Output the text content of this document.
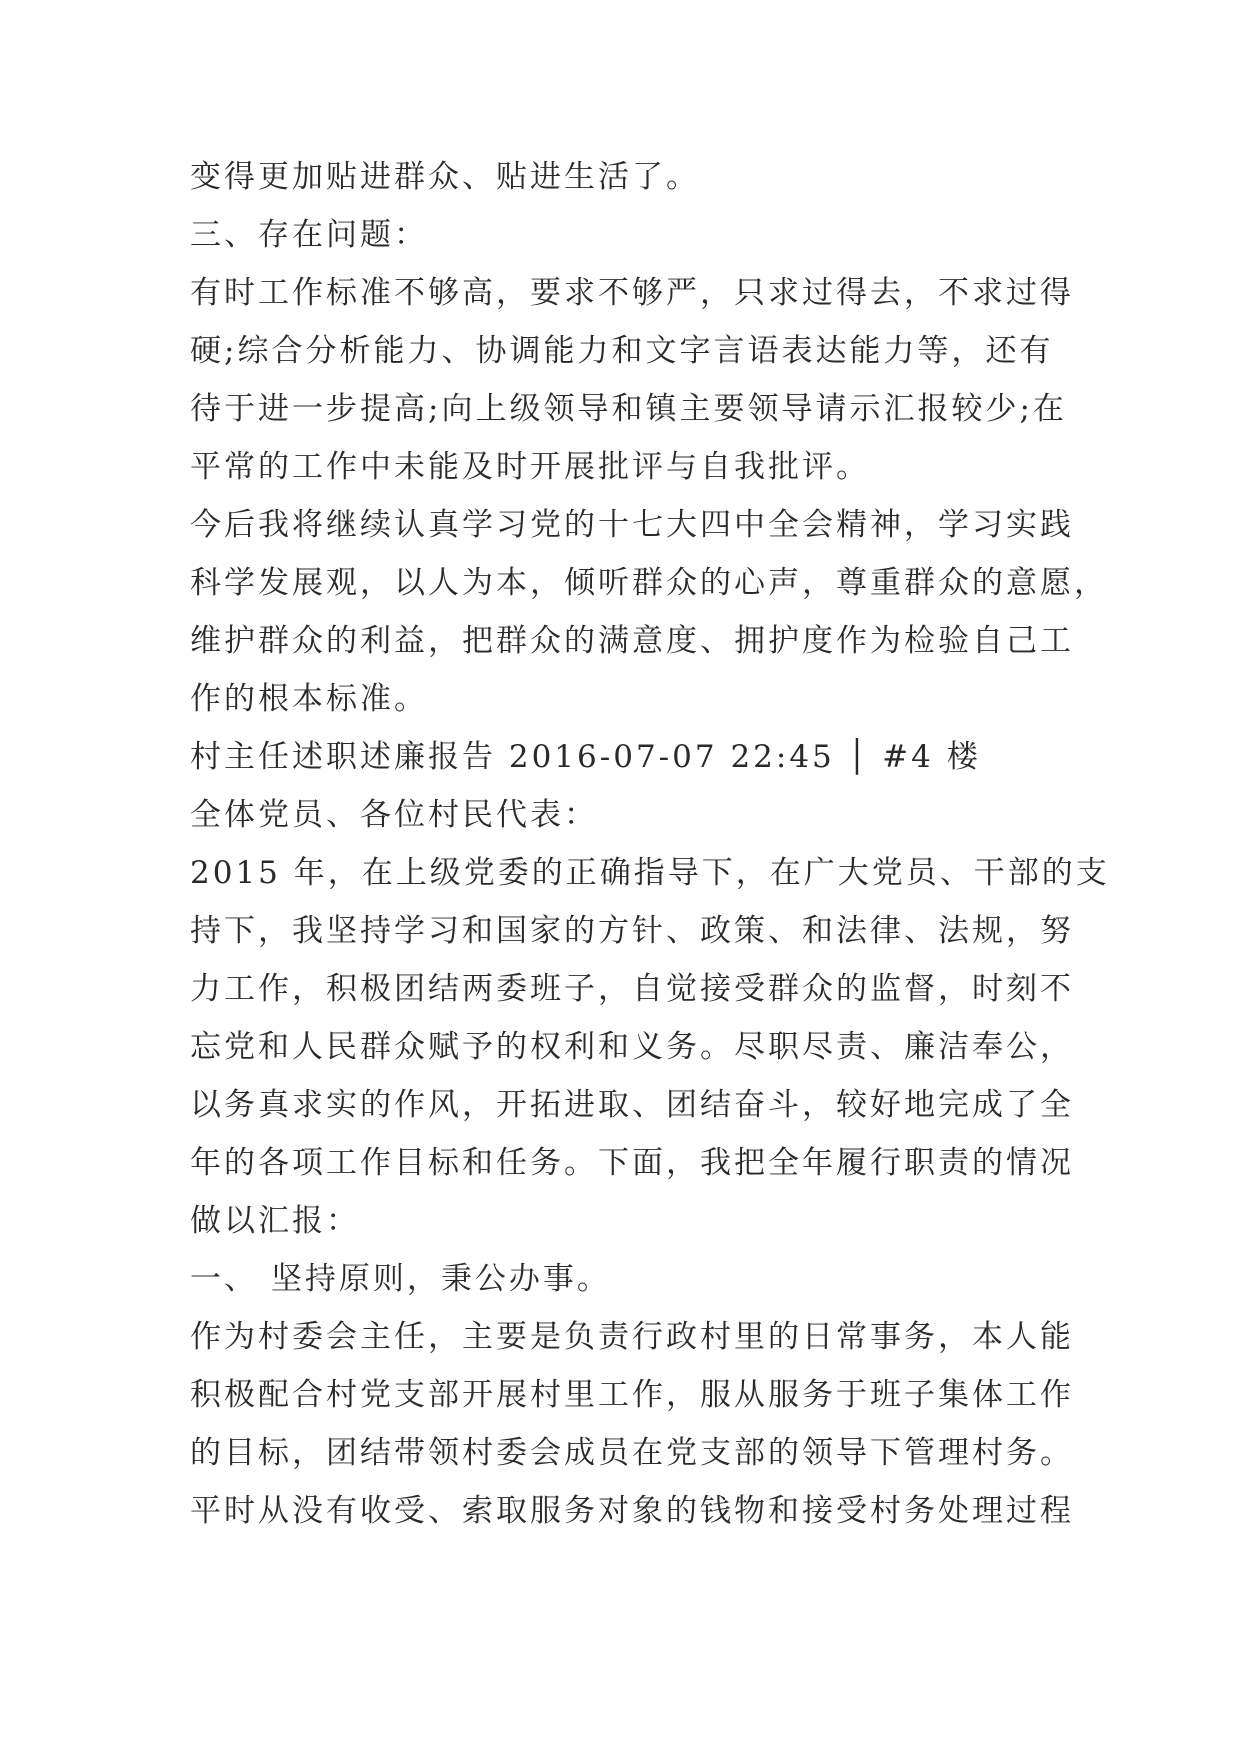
变得更加贴进群众、贴进生活了。
三、存在问题：
有时工作标准不够高，要求不够严，只求过得去，不求过得
硬;综合分析能力、协调能力和文字言语表达能力等，还有
待于进一步提高;向上级领导和镇主要领导请示汇报较少;在
平常的工作中未能及时开展批评与自我批评。
今后我将继续认真学习党的十七大四中全会精神，学习实践
科学发展观，以人为本，倾听群众的心声，尊重群众的意愿，
维护群众的利益，把群众的满意度、拥护度作为检验自己工
作的根本标准。
村主任述职述廉报告 2016-07-07 22:45 │ #4 楼
全体党员、各位村民代表：
2015 年，在上级党委的正确指导下，在广大党员、干部的支
持下，我坚持学习和国家的方针、政策、和法律、法规，努
力工作，积极团结两委班子，自觉接受群众的监督，时刻不
忘党和人民群众赋予的权利和义务。尽职尽责、廉洁奉公，
以务真求实的作风，开拓进取、团结奋斗，较好地完成了全
年的各项工作目标和任务。下面，我把全年履行职责的情况
做以汇报：
一、 坚持原则，秉公办事。
作为村委会主任，主要是负责行政村里的日常事务，本人能
积极配合村党支部开展村里工作，服从服务于班子集体工作
的目标，团结带领村委会成员在党支部的领导下管理村务。
平时从没有收受、索取服务对象的钱物和接受村务处理过程
